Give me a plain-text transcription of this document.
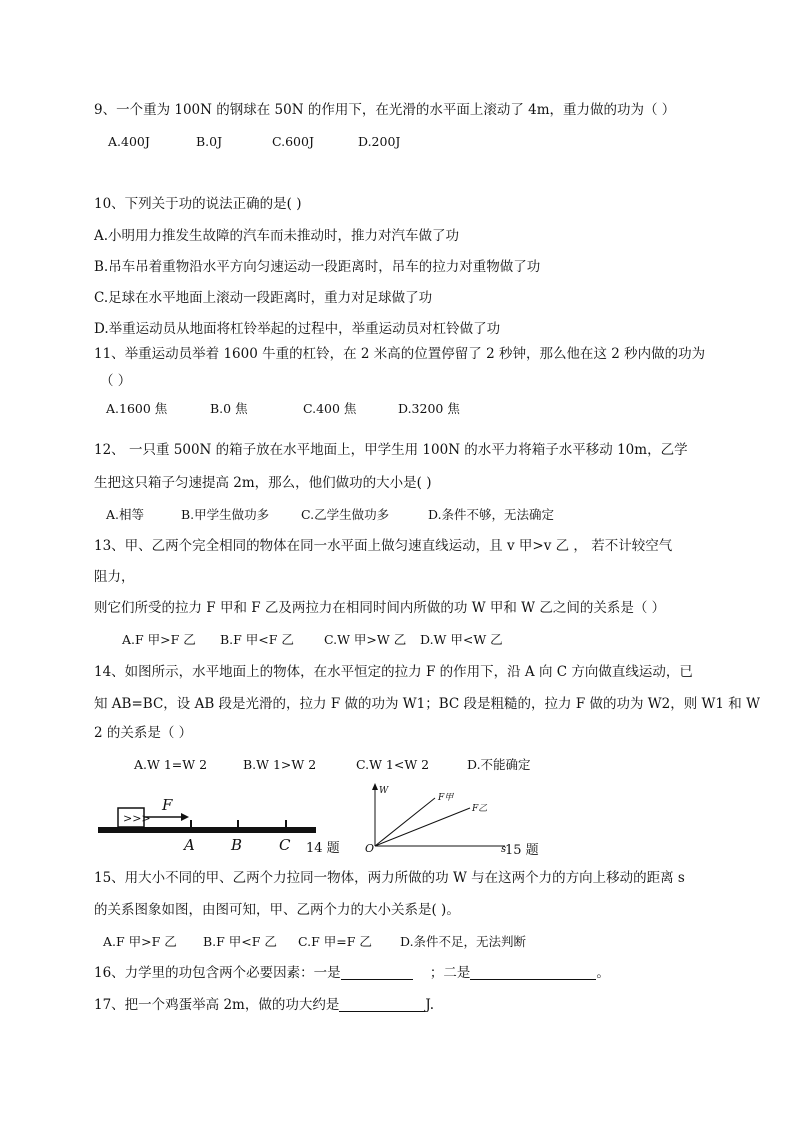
9、一个重为 100N 的钢球在 50N 的作用下，在光滑的水平面上滚动了 4m，重力做的功为（ ）
A.400J	B.0J	C.600J	D.200J
10、下列关于功的说法正确的是( )
A.小明用力推发生故障的汽车而未推动时，推力对汽车做了功
B.吊车吊着重物沿水平方向匀速运动一段距离时，吊车的拉力对重物做了功
C.足球在水平地面上滚动一段距离时，重力对足球做了功
D.举重运动员从地面将杠铃举起的过程中，举重运动员对杠铃做了功
11、举重运动员举着 1600 牛重的杠铃，在 2 米高的位置停留了 2 秒钟，那么他在这 2 秒内做的功为
（ ）
A.1600 焦	B.0 焦	C.400 焦	D.3200 焦
12、 一只重 500N 的箱子放在水平地面上，甲学生用 100N 的水平力将箱子水平移动 10m，乙学
生把这只箱子匀速提高 2m，那么，他们做功的大小是( )
A.相等	B.甲学生做功多	C.乙学生做功多	D.条件不够，无法确定
13、甲、乙两个完全相同的物体在同一水平面上做匀速直线运动，且 v 甲>v 乙 ， 若不计较空气
阻力，
则它们所受的拉力 F 甲和 F 乙及两拉力在相同时间内所做的功 W 甲和 W 乙之间的关系是（ ）
A.F 甲>F 乙 B.F 甲<F 乙 C.W 甲>W 乙 D.W 甲<W 乙
14、如图所示，水平地面上的物体，在水平恒定的拉力 F 的作用下，沿 A 向 C 方向做直线运动，已
知 AB=BC，设 AB 段是光滑的，拉力 F 做的功为 W1；BC 段是粗糙的，拉力 F 做的功为 W2，则 W1 和 W
2 的关系是（ ）
A.W 1=W 2	B.W 1>W 2	C.W 1<W 2	D.不能确定
>>>
F
A B C 14 题
W
O	s
F甲
F乙
15 题
15、用大小不同的甲、乙两个力拉同一物体，两力所做的功 W 与在这两个力的方向上移动的距离 s
的关系图象如图，由图可知，甲、乙两个力的大小关系是( )。
A.F 甲>F 乙 B.F 甲<F 乙 C.F 甲=F 乙 D.条件不足，无法判断
16、力学里的功包含两个必要因素：一是	；二是	。
17、把一个鸡蛋举高 2m，做的功大约是	J.
